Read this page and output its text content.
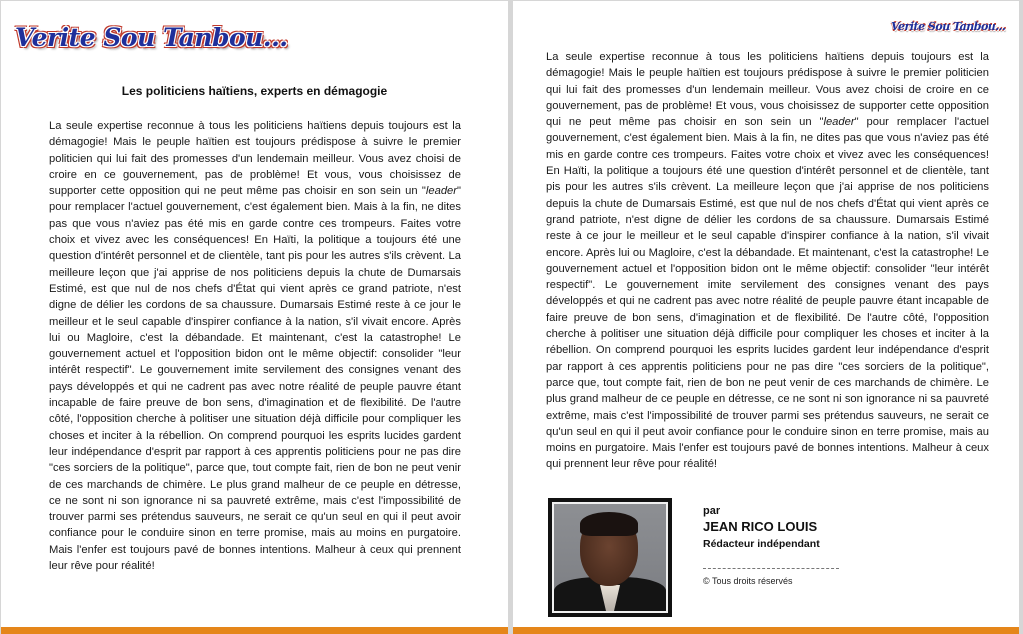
Verite Sou Tanbou...
Les politiciens haïtiens, experts en démagogie

La seule expertise reconnue à tous les politiciens haïtiens depuis toujours est la démagogie! Mais le peuple haïtien est toujours prédispose à suivre le premier politicien qui lui fait des promesses d'un lendemain meilleur. Vous avez choisi de croire en ce gouvernement, pas de problème! Et vous, vous choisissez de supporter cette opposition qui ne peut même pas choisir en son sein un "leader" pour remplacer l'actuel gouvernement, c'est également bien. Mais à la fin, ne dites pas que vous n'aviez pas été mis en garde contre ces trompeurs. Faites votre choix et vivez avec les conséquences! En Haïti, la politique a toujours été une question d'intérêt personnel et de clientèle, tant pis pour les autres s'ils crèvent. La meilleure leçon que j'ai apprise de nos politiciens depuis la chute de Dumarsais Estimé, est que nul de nos chefs d'État qui vient après ce grand patriote, n'est digne de délier les cordons de sa chaussure. Dumarsais Estimé reste à ce jour le meilleur et le seul capable d'inspirer confiance à la nation, s'il vivait encore. Après lui ou Magloire, c'est la débandade. Et maintenant, c'est la catastrophe! Le gouvernement actuel et l'opposition bidon ont le même objectif: consolider "leur intérêt respectif". Le gouvernement imite servilement des consignes venant des pays développés et qui ne cadrent pas avec notre réalité de peuple pauvre étant incapable de faire preuve de bon sens, d'imagination et de flexibilité. De l'autre côté, l'opposition cherche à politiser une situation déjà difficile pour compliquer les choses et inciter à la rébellion. On comprend pourquoi les esprits lucides gardent leur indépendance d'esprit par rapport à ces apprentis politiciens pour ne pas dire "ces sorciers de la politique", parce que, tout compte fait, rien de bon ne peut venir de ces marchands de chimère. Le plus grand malheur de ce peuple en détresse, ce ne sont ni son ignorance ni sa pauvreté extrême, mais c'est l'impossibilité de trouver parmi ses prétendus sauveurs, ne serait ce qu'un seul en qui il peut avoir confiance pour le conduire sinon en terre promise, mais au moins en purgatoire. Mais l'enfer est toujours pavé de bonnes intentions. Malheur à ceux qui prennent leur rêve pour réalité!

Verite Sou Tanbou...

La seule expertise reconnue à tous les politiciens haïtiens depuis toujours est la démagogie! Mais le peuple haïtien est toujours prédispose à suivre le premier politicien qui lui fait des promesses d'un lendemain meilleur. Vous avez choisi de croire en ce gouvernement, pas de problème! Et vous, vous choisissez de supporter cette opposition qui ne peut même pas choisir en son sein un "leader" pour remplacer l'actuel gouvernement, c'est également bien. Mais à la fin, ne dites pas que vous n'aviez pas été mis en garde contre ces trompeurs. Faites votre choix et vivez avec les conséquences! En Haïti, la politique a toujours été une question d'intérêt personnel et de clientèle, tant pis pour les autres s'ils crèvent. La meilleure leçon que j'ai apprise de nos politiciens depuis la chute de Dumarsais Estimé, est que nul de nos chefs d'État qui vient après ce grand patriote, n'est digne de délier les cordons de sa chaussure. Dumarsais Estimé reste à ce jour le meilleur et le seul capable d'inspirer confiance à la nation, s'il vivait encore. Après lui ou Magloire, c'est la débandade. Et maintenant, c'est la catastrophe! Le gouvernement actuel et l'opposition bidon ont le même objectif: consolider "leur intérêt respectif". Le gouvernement imite servilement des consignes venant des pays développés et qui ne cadrent pas avec notre réalité de peuple pauvre étant incapable de faire preuve de bon sens, d'imagination et de flexibilité. De l'autre côté, l'opposition cherche à politiser une situation déjà difficile pour compliquer les choses et inciter à la rébellion. On comprend pourquoi les esprits lucides gardent leur indépendance d'esprit par rapport à ces apprentis politiciens pour ne pas dire "ces sorciers de la politique", parce que, tout compte fait, rien de bon ne peut venir de ces marchands de chimère. Le plus grand malheur de ce peuple en détresse, ce ne sont ni son ignorance ni sa pauvreté extrême, mais c'est l'impossibilité de trouver parmi ses prétendus sauveurs, ne serait ce qu'un seul en qui il peut avoir confiance pour le conduire sinon en terre promise, mais au moins en purgatoire. Mais l'enfer est toujours pavé de bonnes intentions. Malheur à ceux qui prennent leur rêve pour réalité!

par
JEAN RICO LOUIS
Rédacteur indépendant
© Tous droits réservés
